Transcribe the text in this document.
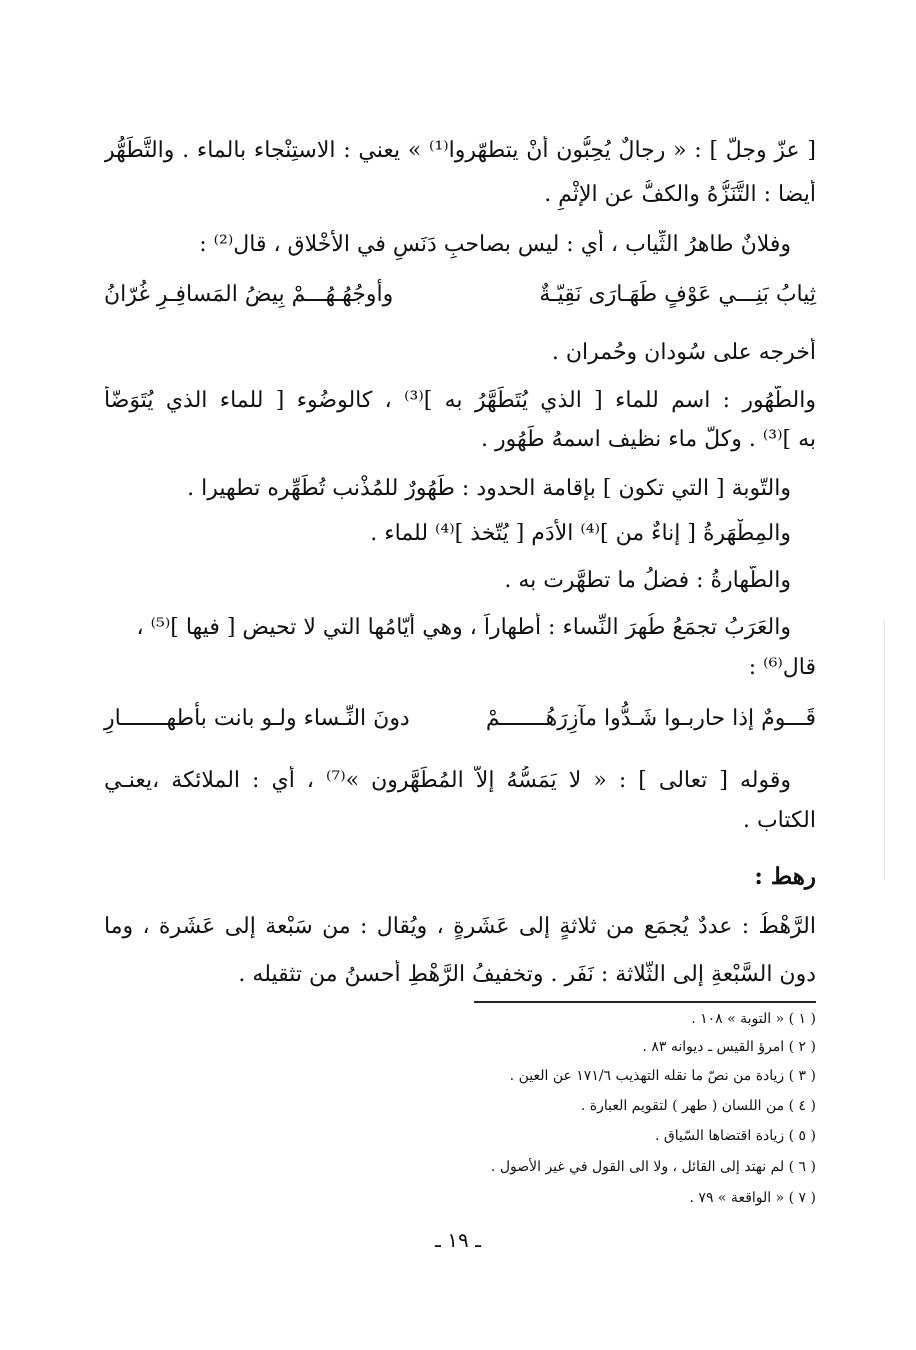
[ عزّ وجلّ ] : « رجالٌ يُحِبُّون أنْ يتطهّروا⁽¹⁾ » يعني : الاستِنْجاء بالماء . والتَّطَهُّر
أيضا : التَّنَزُّهُ والكفُّ عن الإثْمِ .
وفلانٌ طاهرُ الثِّياب ، أي : ليس بصاحبِ دَنَسٍ في الأخْلاق ، قال⁽²⁾ :
ثِيابُ بَنِـــي عَوْفٍ طَهَـارَى نَقِيّـةٌ
وأوجُهُـهُـــمْ بِيضُ المَسافِـرِ غُرّانُ
أخرجه على سُودان وحُمران .
والطَّهُور : اسم للماء [ الذي يُتَطَهَّرُ به ]⁽³⁾ ، كالوضُوء [ للماء الذي يُتَوَضّأُ
به ]⁽³⁾ . وكلّ ماء نظيف اسمهُ طَهُور .
والتّوبة [ التي تكون ] بإقامة الحدود : طَهُورٌ للمُذْنب تُطَهِّره تطهيرا .
والمِطْهَرةُ [ إناءٌ من ]⁽⁴⁾ الأَدَم [ يُتّخذ ]⁽⁴⁾ للماء .
والطَّهارةُ : فضلُ ما تطهَّرت به .
والعَرَبُ تجمَعُ طُهرَ النِّساء : أطهاراً ، وهي أيّامُها التي لا تحيض [ فيها ]⁽⁵⁾ ،
قال⁽⁶⁾ :
قَـــومٌ إذا حاربـوا شَـدُّوا مآزِرَهُـــــــمْ
دونَ النِّـساء ولـو بانت بأطهـــــــارِ
وقوله [ تعالى ] : « لا يَمَسُّهُ إلاّ المُطَهَّرون »⁽⁷⁾ ، أي : الملائكة ،يعنـي
الكتاب .
رهط :
الرَّهْطُ : عددٌ يُجمَع من ثلاثةٍ إلى عَشَرةٍ ، ويُقال : من سَبْعة إلى عَشَرة ، وما
دون السَّبْعةِ إلى الثّلاثة : نَفَر . وتخفيفُ الرَّهْطِ أحسنُ من تثقيله .
( ١ ) « التوبة » ١٠٨ .
( ٢ ) امرؤ القيس ـ ديوانه ٨٣ .
( ٣ ) زيادة من نصّ ما نقله التهذيب ١٧١/٦ عن العين .
( ٤ ) من اللسان ( طهر ) لتقويم العبارة .
( ٥ ) زيادة اقتضاها السّياق .
( ٦ ) لم نهتد إلى القائل ، ولا الى القول في غير الأصول .
( ٧ ) « الواقعة » ٧٩ .
ـ ١٩ ـ
